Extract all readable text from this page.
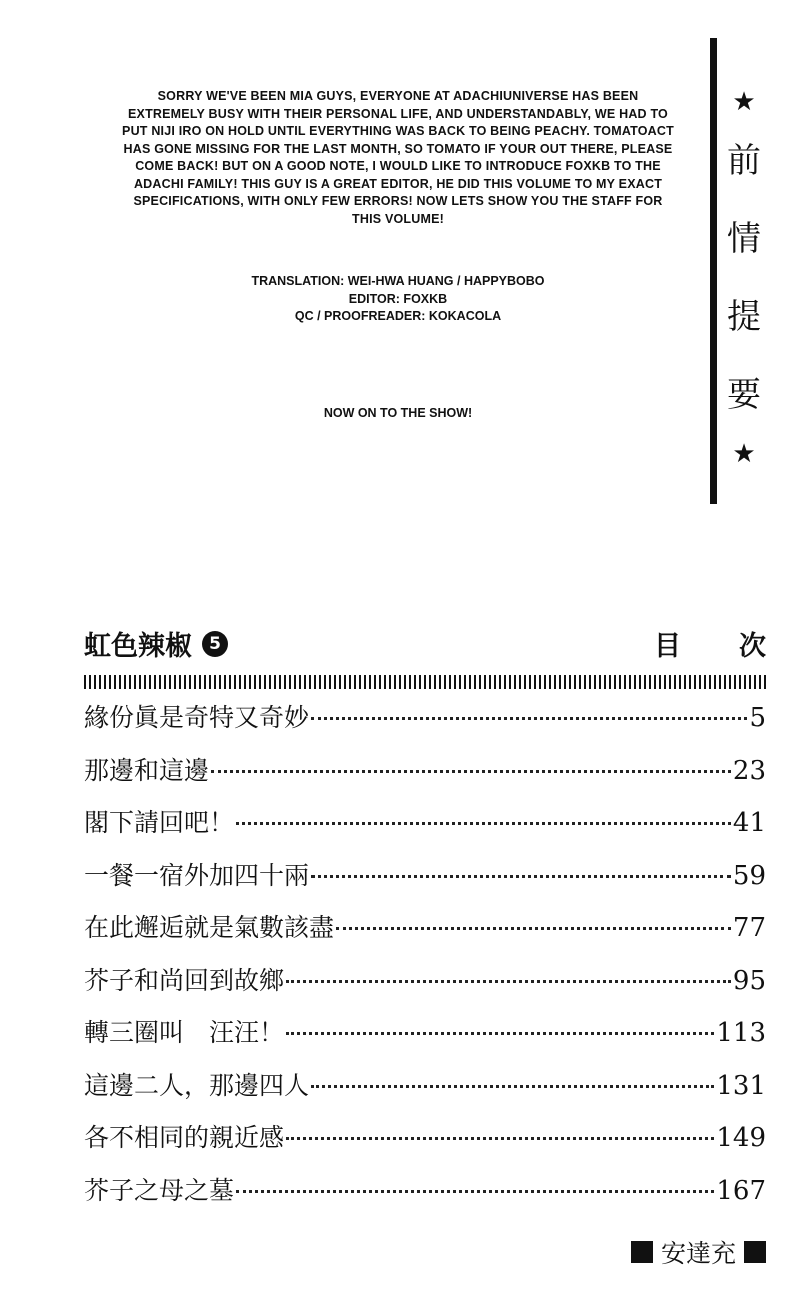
SORRY WE'VE BEEN MIA GUYS, EVERYONE AT ADACHIUNIVERSE HAS BEEN EXTREMELY BUSY WITH THEIR PERSONAL LIFE, AND UNDERSTANDABLY, WE HAD TO PUT NIJI IRO ON HOLD UNTIL EVERYTHING WAS BACK TO BEING PEACHY. TOMATOACT HAS GONE MISSING FOR THE LAST MONTH, SO TOMATO IF YOUR OUT THERE, PLEASE COME BACK! BUT ON A GOOD NOTE, I WOULD LIKE TO INTRODUCE FOXKB TO THE ADACHI FAMILY! THIS GUY IS A GREAT EDITOR, HE DID THIS VOLUME TO MY EXACT SPECIFICATIONS, WITH ONLY FEW ERRORS! NOW LETS SHOW YOU THE STAFF FOR THIS VOLUME!
TRANSLATION: WEI-HWA HUANG / HAPPYBOBO
EDITOR: FOXKB
QC / PROOFREADER: KOKACOLA
NOW ON TO THE SHOW!
★
前
情
提
要
★
虹色辣椒	5	目 次
緣份眞是奇特又奇妙	5
那邊和這邊	23
閣下請回吧！	41
一餐一宿外加四十兩	59
在此邂逅就是氣數該盡	77
芥子和尚回到故鄉	95
轉三圈叫　汪汪！	113
這邊二人，那邊四人	131
各不相同的親近感	149
芥子之母之墓	167
安達充
